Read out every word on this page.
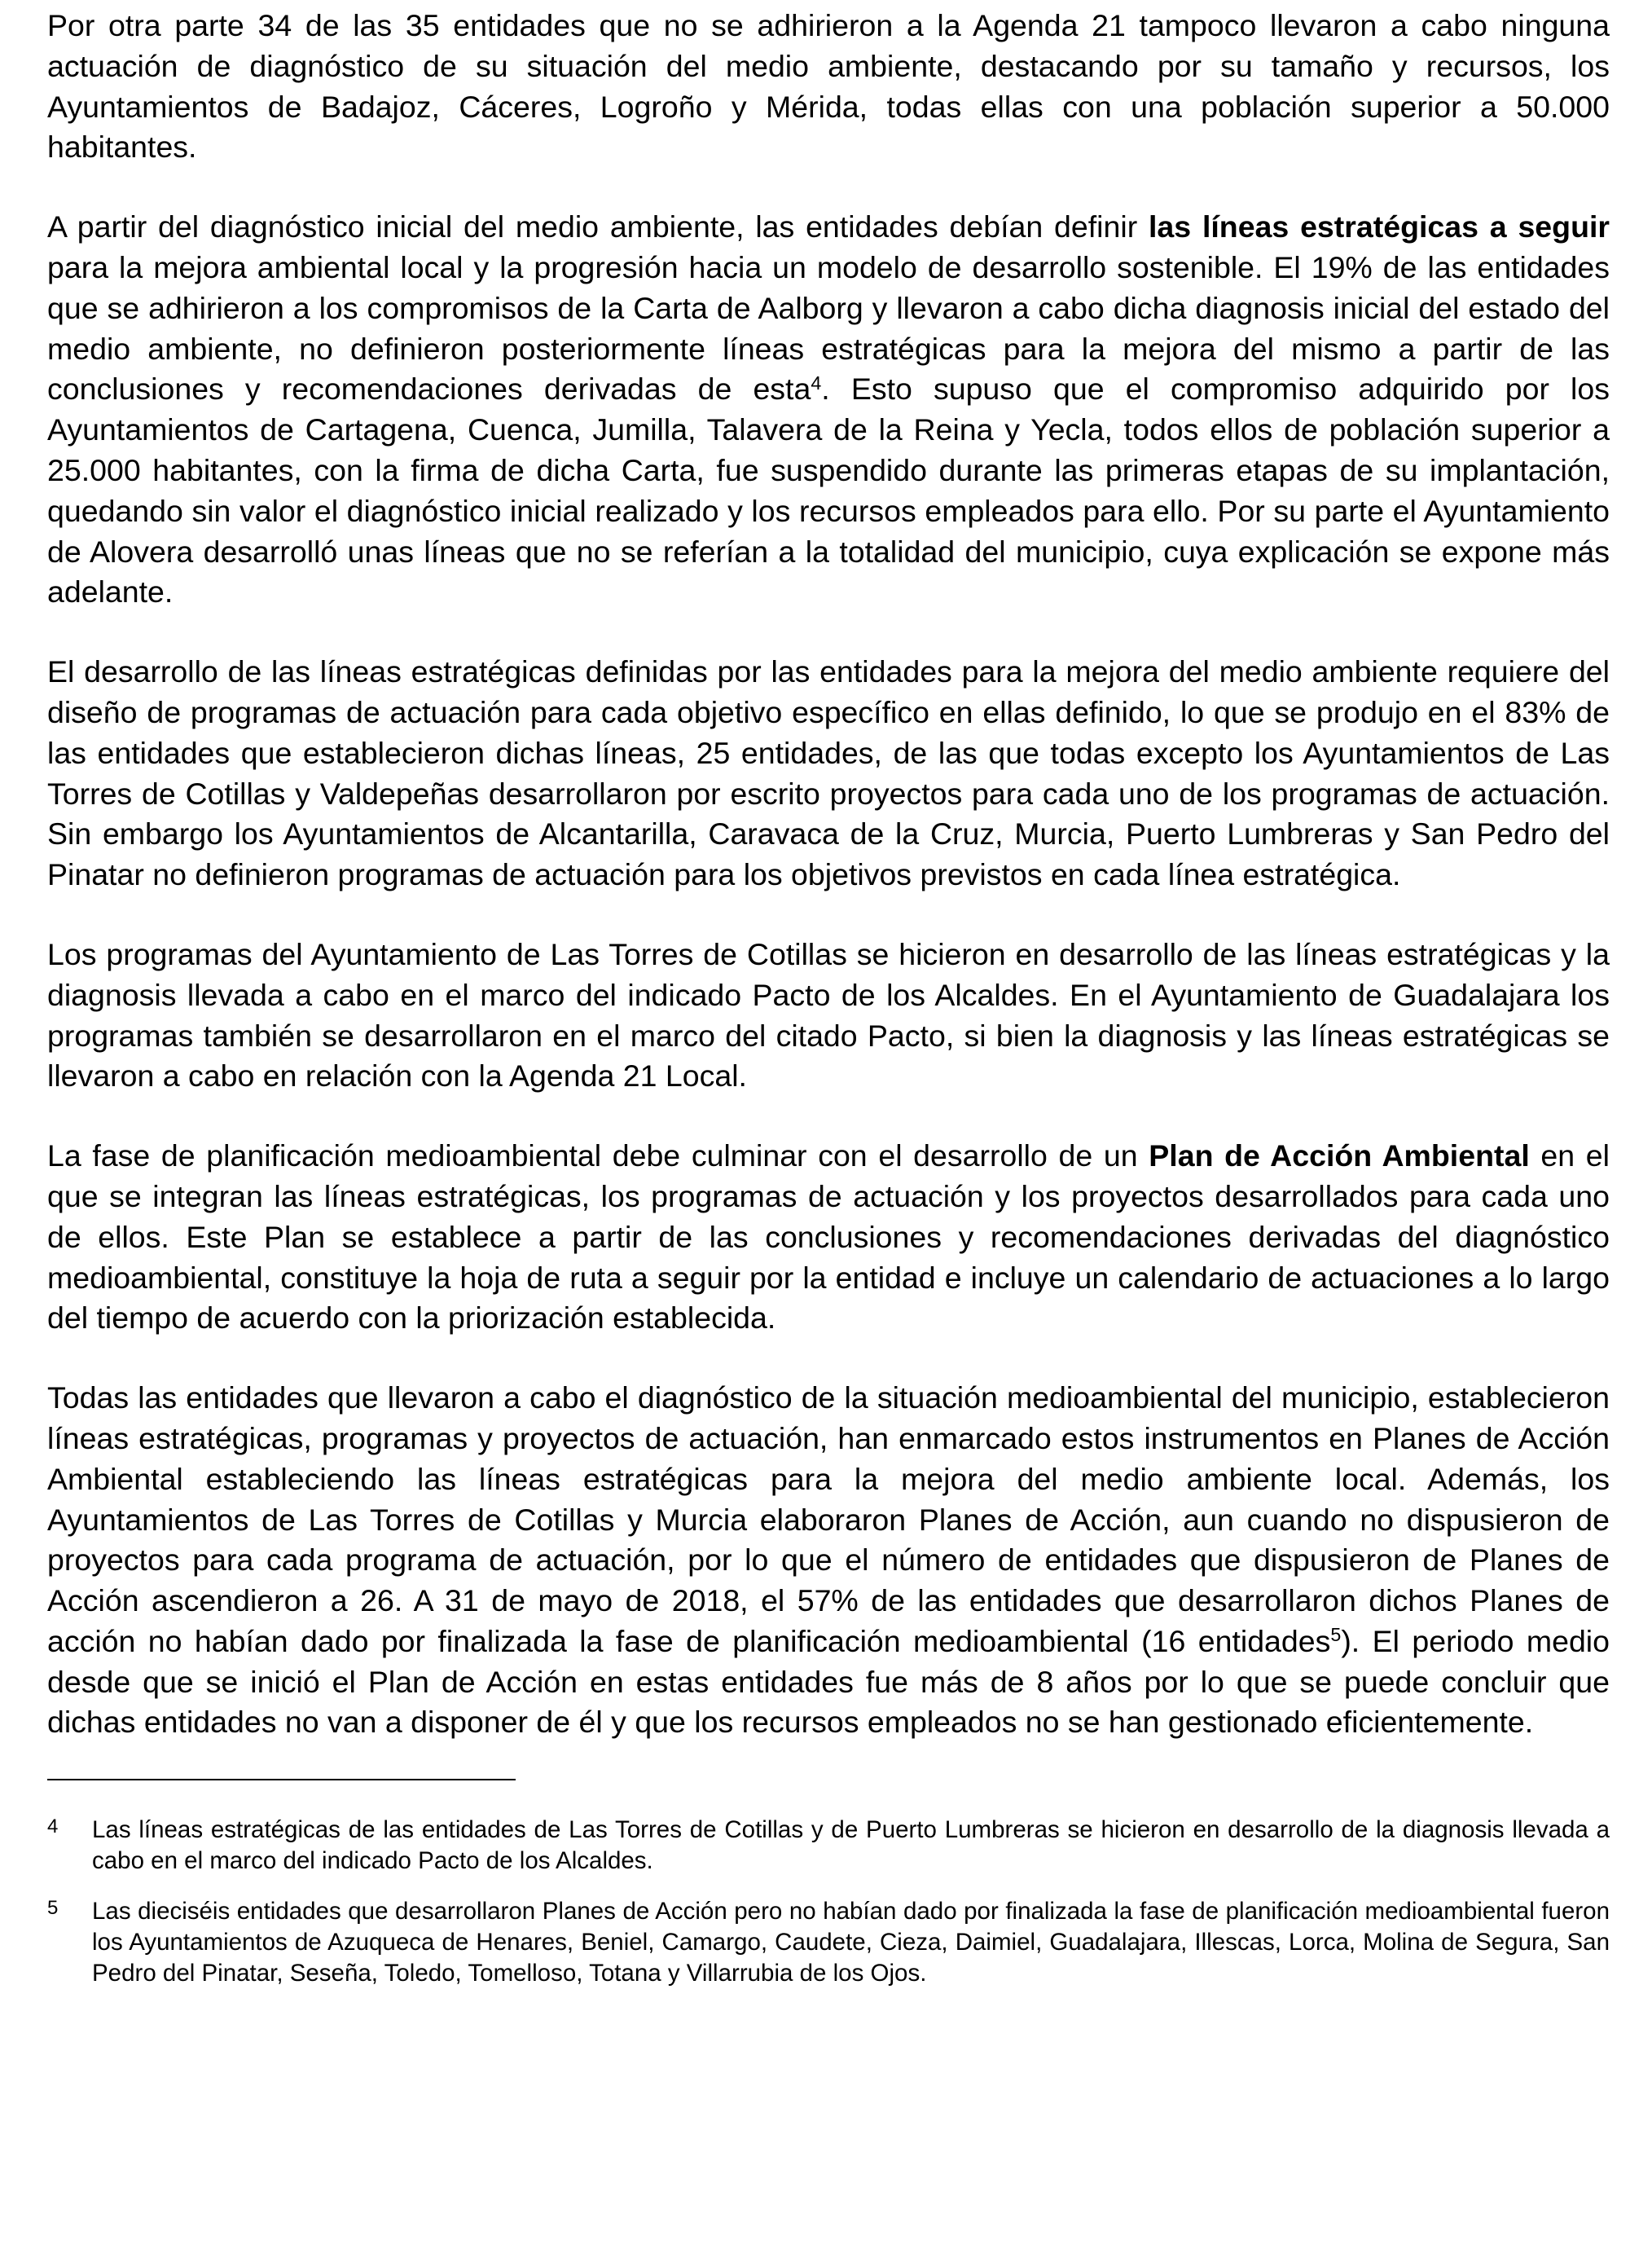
Por otra parte 34 de las 35 entidades que no se adhirieron a la Agenda 21 tampoco llevaron a cabo ninguna actuación de diagnóstico de su situación del medio ambiente, destacando por su tamaño y recursos, los Ayuntamientos de Badajoz, Cáceres, Logroño y Mérida, todas ellas con una población superior a 50.000 habitantes.

A partir del diagnóstico inicial del medio ambiente, las entidades debían definir las líneas estratégicas a seguir para la mejora ambiental local y la progresión hacia un modelo de desarrollo sostenible. El 19% de las entidades que se adhirieron a los compromisos de la Carta de Aalborg y llevaron a cabo dicha diagnosis inicial del estado del medio ambiente, no definieron posteriormente líneas estratégicas para la mejora del mismo a partir de las conclusiones y recomendaciones derivadas de esta$^4$. Esto supuso que el compromiso adquirido por los Ayuntamientos de Cartagena, Cuenca, Jumilla, Talavera de la Reina y Yecla, todos ellos de población superior a 25.000 habitantes, con la firma de dicha Carta, fue suspendido durante las primeras etapas de su implantación, quedando sin valor el diagnóstico inicial realizado y los recursos empleados para ello. Por su parte el Ayuntamiento de Alovera desarrolló unas líneas que no se referían a la totalidad del municipio, cuya explicación se expone más adelante.

El desarrollo de las líneas estratégicas definidas por las entidades para la mejora del medio ambiente requiere del diseño de programas de actuación para cada objetivo específico en ellas definido, lo que se produjo en el 83% de las entidades que establecieron dichas líneas, 25 entidades, de las que todas excepto los Ayuntamientos de Las Torres de Cotillas y Valdepeñas desarrollaron por escrito proyectos para cada uno de los programas de actuación. Sin embargo los Ayuntamientos de Alcantarilla, Caravaca de la Cruz, Murcia, Puerto Lumbreras y San Pedro del Pinatar no definieron programas de actuación para los objetivos previstos en cada línea estratégica.

Los programas del Ayuntamiento de Las Torres de Cotillas se hicieron en desarrollo de las líneas estratégicas y la diagnosis llevada a cabo en el marco del indicado Pacto de los Alcaldes. En el Ayuntamiento de Guadalajara los programas también se desarrollaron en el marco del citado Pacto, si bien la diagnosis y las líneas estratégicas se llevaron a cabo en relación con la Agenda 21 Local.

La fase de planificación medioambiental debe culminar con el desarrollo de un Plan de Acción Ambiental en el que se integran las líneas estratégicas, los programas de actuación y los proyectos desarrollados para cada uno de ellos. Este Plan se establece a partir de las conclusiones y recomendaciones derivadas del diagnóstico medioambiental, constituye la hoja de ruta a seguir por la entidad e incluye un calendario de actuaciones a lo largo del tiempo de acuerdo con la priorización establecida.

Todas las entidades que llevaron a cabo el diagnóstico de la situación medioambiental del municipio, establecieron líneas estratégicas, programas y proyectos de actuación, han enmarcado estos instrumentos en Planes de Acción Ambiental estableciendo las líneas estratégicas para la mejora del medio ambiente local. Además, los Ayuntamientos de Las Torres de Cotillas y Murcia elaboraron Planes de Acción, aun cuando no dispusieron de proyectos para cada programa de actuación, por lo que el número de entidades que dispusieron de Planes de Acción ascendieron a 26. A 31 de mayo de 2018, el 57% de las entidades que desarrollaron dichos Planes de acción no habían dado por finalizada la fase de planificación medioambiental (16 entidades$^5$). El periodo medio desde que se inició el Plan de Acción en estas entidades fue más de 8 años por lo que se puede concluir que dichas entidades no van a disponer de él y que los recursos empleados no se han gestionado eficientemente.

4	Las líneas estratégicas de las entidades de Las Torres de Cotillas y de Puerto Lumbreras se hicieron en desarrollo de la diagnosis llevada a cabo en el marco del indicado Pacto de los Alcaldes.
5	Las dieciséis entidades que desarrollaron Planes de Acción pero no habían dado por finalizada la fase de planificación medioambiental fueron los Ayuntamientos de Azuqueca de Henares, Beniel, Camargo, Caudete, Cieza, Daimiel, Guadalajara, Illescas, Lorca, Molina de Segura, San Pedro del Pinatar, Seseña, Toledo, Tomelloso, Totana y Villarrubia de los Ojos.
